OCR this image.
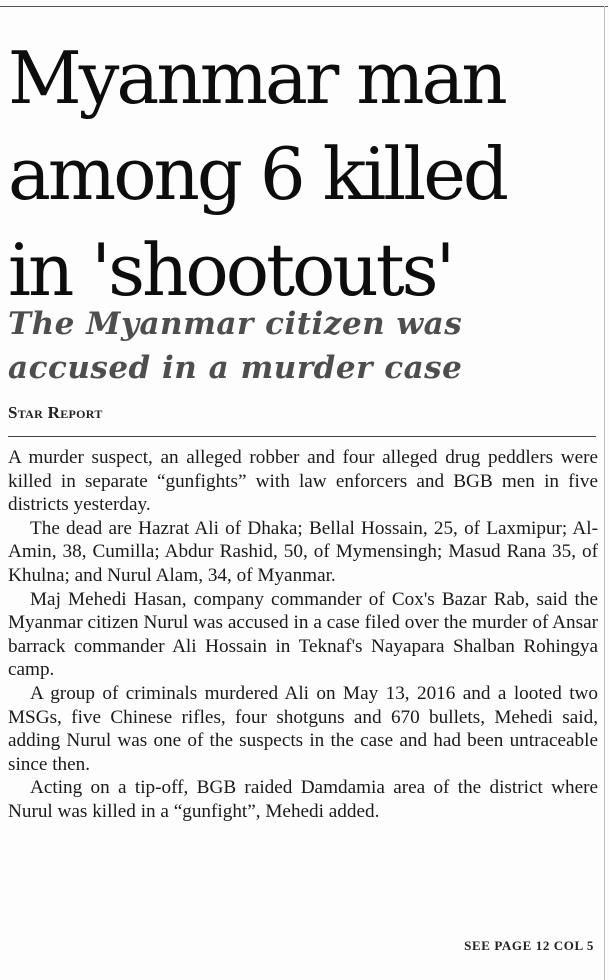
Myanmar man
among 6 killed
in 'shootouts'
The Myanmar citizen was
accused in a murder case
Star Report

A murder suspect, an alleged robber and four alleged drug peddlers were killed in separate “gunfights” with law enforcers and BGB men in five districts yesterday.

The dead are Hazrat Ali of Dhaka; Bellal Hossain, 25, of Laxmipur; Al-Amin, 38, Cumilla; Abdur Rashid, 50, of Mymensingh; Masud Rana 35, of Khulna; and Nurul Alam, 34, of Myanmar.

Maj Mehedi Hasan, company commander of Cox's Bazar Rab, said the Myanmar citizen Nurul was accused in a case filed over the murder of Ansar barrack commander Ali Hossain in Teknaf's Nayapara Shalban Rohingya camp.

A group of criminals murdered Ali on May 13, 2016 and a looted two MSGs, five Chinese rifles, four shotguns and 670 bullets, Mehedi said, adding Nurul was one of the suspects in the case and had been untraceable since then.

Acting on a tip-off, BGB raided Damdamia area of the district where Nurul was killed in a “gunfight”, Mehedi added.

SEE PAGE 12 COL 5
